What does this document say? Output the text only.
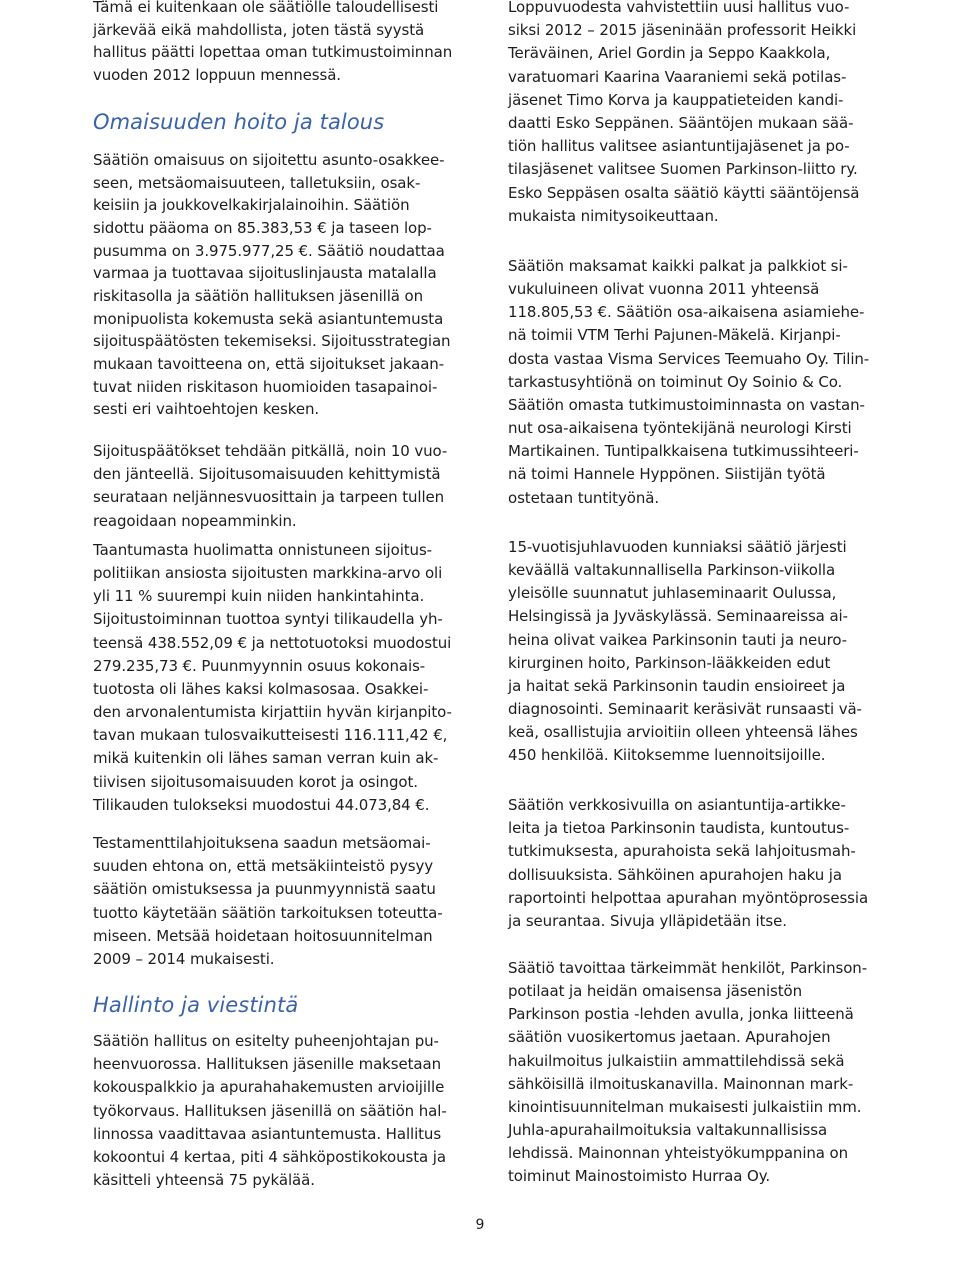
Tämä ei kuitenkaan ole säätiölle taloudellisesti
järkevää eikä mahdollista, joten tästä syystä
hallitus päätti lopettaa oman tutkimustoiminnan
vuoden 2012 loppuun mennessä.
Omaisuuden hoito ja talous
Säätiön omaisuus on sijoitettu asunto-osakkee-
seen, metsäomaisuuteen, talletuksiin, osak-
keisiin ja joukkovelkakirjalainoihin. Säätiön
sidottu pääoma on 85.383,53 € ja taseen lop-
pusumma on 3.975.977,25 €. Säätiö noudattaa
varmaa ja tuottavaa sijoituslinjausta matalalla
riskitasolla ja säätiön hallituksen jäsenillä on
monipuolista kokemusta sekä asiantuntemusta
sijoituspäätösten tekemiseksi. Sijoitusstrategian
mukaan tavoitteena on, että sijoitukset jakaan-
tuvat niiden riskitason huomioiden tasapainoi-
sesti eri vaihtoehtojen kesken.
Sijoituspäätökset tehdään pitkällä, noin 10 vuo-
den jänteellä. Sijoitusomaisuuden kehittymistä
seurataan neljännesvuosittain ja tarpeen tullen
reagoidaan nopeamminkin.
Taantumasta huolimatta onnistuneen sijoitus-
politiikan ansiosta sijoitusten markkina-arvo oli
yli 11 % suurempi kuin niiden hankintahinta.
Sijoitustoiminnan tuottoa syntyi tilikaudella yh-
teensä 438.552,09 € ja nettotuotoksi muodostui
279.235,73 €. Puunmyynnin osuus kokonais-
tuotosta oli lähes kaksi kolmasosaa. Osakkei-
den arvonalentumista kirjattiin hyvän kirjanpito-
tavan mukaan tulosvaikutteisesti 116.111,42 €,
mikä kuitenkin oli lähes saman verran kuin ak-
tiivisen sijoitusomaisuuden korot ja osingot.
Tilikauden tulokseksi muodostui 44.073,84 €.
Testamenttilahjoituksena saadun metsäomai-
suuden ehtona on, että metsäkiinteistö pysyy
säätiön omistuksessa ja puunmyynnistä saatu
tuotto käytetään säätiön tarkoituksen toteutta-
miseen. Metsää hoidetaan hoitosuunnitelman
2009 – 2014 mukaisesti.
Hallinto ja viestintä
Säätiön hallitus on esitelty puheenjohtajan pu-
heenvuorossa. Hallituksen jäsenille maksetaan
kokouspalkkio ja apurahahakemusten arvioijille
työkorvaus. Hallituksen jäsenillä on säätiön hal-
linnossa vaadittavaa asiantuntemusta. Hallitus
kokoontui 4 kertaa, piti 4 sähköpostikokousta ja
käsitteli yhteensä 75 pykälää.
Loppuvuodesta vahvistettiin uusi hallitus vuo-
siksi 2012 – 2015 jäseninään professorit Heikki
Teräväinen, Ariel Gordin ja Seppo Kaakkola,
varatuomari Kaarina Vaaraniemi sekä potilas-
jäsenet Timo Korva ja kauppatieteiden kandi-
daatti Esko Seppänen. Sääntöjen mukaan sää-
tiön hallitus valitsee asiantuntijajäsenet ja po-
tilasjäsenet valitsee Suomen Parkinson-liitto ry.
Esko Seppäsen osalta säätiö käytti sääntöjensä
mukaista nimitysoikeuttaan.
Säätiön maksamat kaikki palkat ja palkkiot si-
vukuluineen olivat vuonna 2011 yhteensä
118.805,53 €. Säätiön osa-aikaisena asiamiehe-
nä toimii VTM Terhi Pajunen-Mäkelä. Kirjanpi-
dosta vastaa Visma Services Teemuaho Oy. Tilin-
tarkastusyhtiönä on toiminut Oy Soinio & Co.
Säätiön omasta tutkimustoiminnasta on vastan-
nut osa-aikaisena työntekijänä neurologi Kirsti
Martikainen. Tuntipalkkaisena tutkimussihteeri-
nä toimi Hannele Hyppönen. Siistijän työtä
ostetaan tuntityönä.
15-vuotisjuhlavuoden kunniaksi säätiö järjesti
keväällä valtakunnallisella Parkinson-viikolla
yleisölle suunnatut juhlaseminaarit Oulussa,
Helsingissä ja Jyväskylässä. Seminaareissa ai-
heina olivat vaikea Parkinsonin tauti ja neuro-
kirurginen hoito, Parkinson-lääkkeiden edut
ja haitat sekä Parkinsonin taudin ensioireet ja
diagnosointi. Seminaarit keräsivät runsaasti vä-
keä, osallistujia arvioitiin olleen yhteensä lähes
450 henkilöä. Kiitoksemme luennoitsijoille.
Säätiön verkkosivuilla on asiantuntija-artikke-
leita ja tietoa Parkinsonin taudista, kuntoutus-
tutkimuksesta, apurahoista sekä lahjoitusmah-
dollisuuksista. Sähköinen apurahojen haku ja
raportointi helpottaa apurahan myöntöprosessia
ja seurantaa. Sivuja ylläpidetään itse.
Säätiö tavoittaa tärkeimmät henkilöt, Parkinson-
potilaat ja heidän omaisensa jäsenistön
Parkinson postia -lehden avulla, jonka liitteenä
säätiön vuosikertomus jaetaan. Apurahojen
hakuilmoitus julkaistiin ammattilehdissä sekä
sähköisillä ilmoituskanavilla. Mainonnan mark-
kinointisuunnitelman mukaisesti julkaistiin mm.
Juhla-apurahailmoituksia valtakunnallisissa
lehdissä. Mainonnan yhteistyökumppanina on
toiminut Mainostoimisto Hurraa Oy.
9
